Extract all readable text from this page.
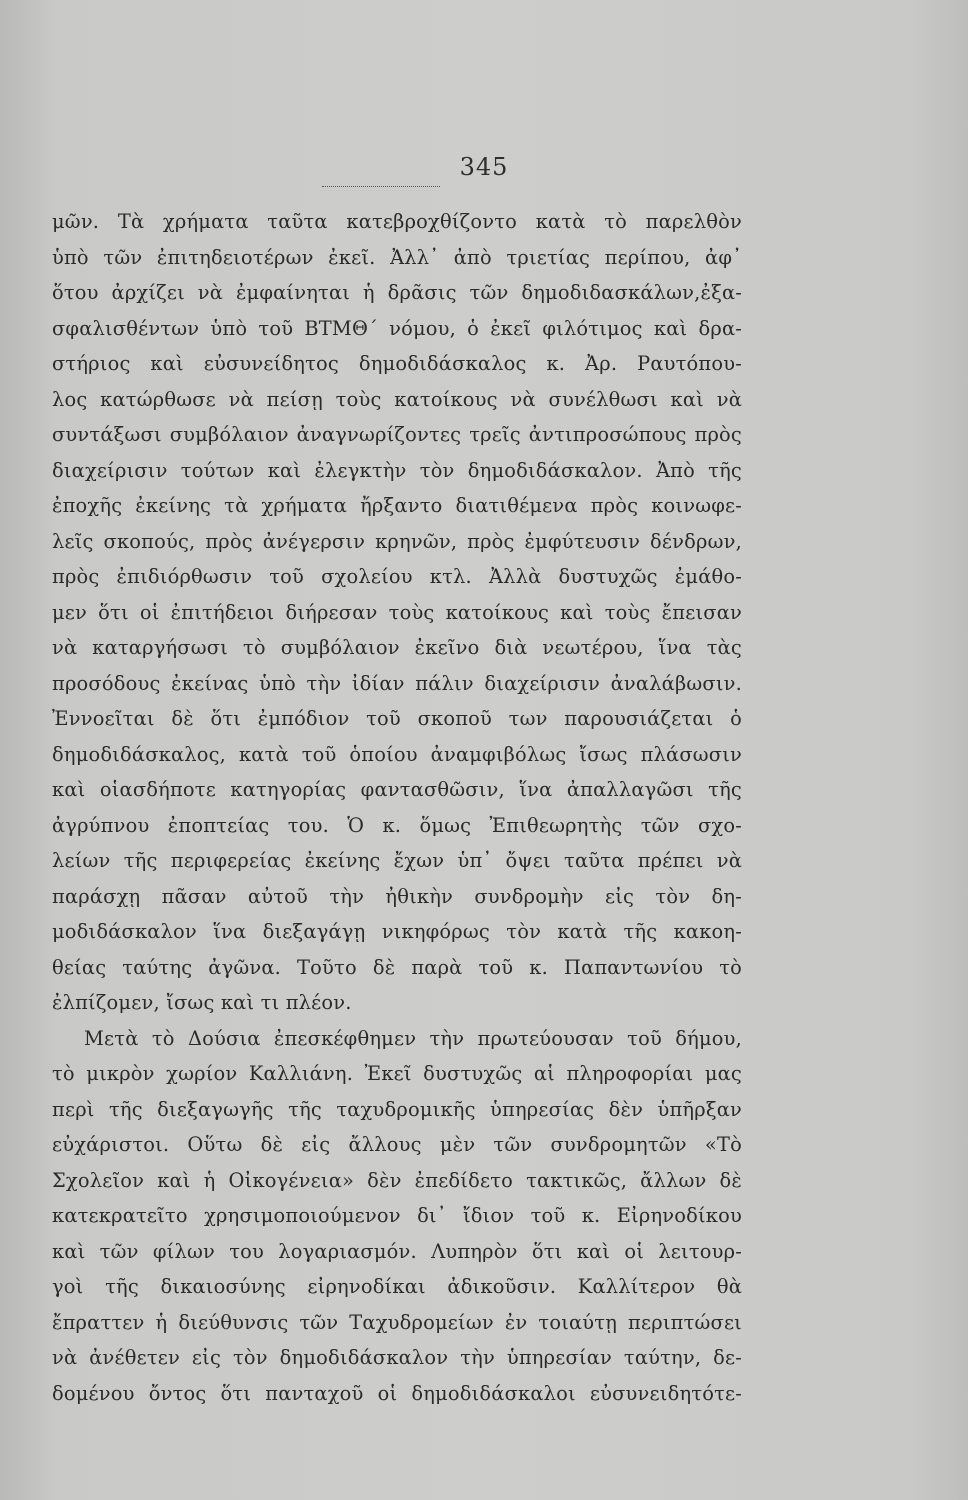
345
μῶν. Τὰ χρήματα ταῦτα κατεβροχθίζοντο κατὰ τὸ παρελθὸν
ὑπὸ τῶν ἐπιτηδειοτέρων ἐκεῖ. Ἀλλ᾽ ἀπὸ τριετίας περίπου, ἀφ᾽
ὅτου ἀρχίζει νὰ ἐμφαίνηται ἡ δρᾶσις τῶν δημοδιδασκάλων,ἐξα-
σφαλισθέντων ὑπὸ τοῦ ΒΤΜΘ΄ νόμου, ὁ ἐκεῖ φιλότιμος καὶ δρα-
στήριος καὶ εὐσυνείδητος δημοδιδάσκαλος κ. Ἀρ. Ραυτόπου-
λος κατώρθωσε νὰ πείσῃ τοὺς κατοίκους νὰ συνέλθωσι καὶ νὰ
συντάξωσι συμβόλαιον ἀναγνωρίζοντες τρεῖς ἀντιπροσώπους πρὸς
διαχείρισιν τούτων καὶ ἐλεγκτὴν τὸν δημοδιδάσκαλον. Ἀπὸ τῆς
ἐποχῆς ἐκείνης τὰ χρήματα ἤρξαντο διατιθέμενα πρὸς κοινωφε-
λεῖς σκοπούς, πρὸς ἀνέγερσιν κρηνῶν, πρὸς ἐμφύτευσιν δένδρων,
πρὸς ἐπιδιόρθωσιν τοῦ σχολείου κτλ. Ἀλλὰ δυστυχῶς ἐμάθο-
μεν ὅτι οἱ ἐπιτήδειοι διήρεσαν τοὺς κατοίκους καὶ τοὺς ἔπεισαν
νὰ καταργήσωσι τὸ συμβόλαιον ἐκεῖνο διὰ νεωτέρου, ἵνα τὰς
προσόδους ἐκείνας ὑπὸ τὴν ἰδίαν πάλιν διαχείρισιν ἀναλάβωσιν.
Ἐννοεῖται δὲ ὅτι ἐμπόδιον τοῦ σκοποῦ των παρουσιάζεται ὁ
δημοδιδάσκαλος, κατὰ τοῦ ὁποίου ἀναμφιβόλως ἴσως πλάσωσιν
καὶ οἱασδήποτε κατηγορίας φαντασθῶσιν, ἵνα ἀπαλλαγῶσι τῆς
ἀγρύπνου ἐποπτείας του. Ὁ κ. ὅμως Ἐπιθεωρητὴς τῶν σχο-
λείων τῆς περιφερείας ἐκείνης ἔχων ὑπ᾽ ὄψει ταῦτα πρέπει νὰ
παράσχῃ πᾶσαν αὐτοῦ τὴν ἠθικὴν συνδρομὴν εἰς τὸν δη-
μοδιδάσκαλον ἵνα διεξαγάγῃ νικηφόρως τὸν κατὰ τῆς κακοη-
θείας ταύτης ἀγῶνα. Τοῦτο δὲ παρὰ τοῦ κ. Παπαντωνίου τὸ
ἐλπίζομεν, ἴσως καὶ τι πλέον.
Μετὰ τὸ Δούσια ἐπεσκέφθημεν τὴν πρωτεύουσαν τοῦ δήμου,
τὸ μικρὸν χωρίον Καλλιάνη. Ἐκεῖ δυστυχῶς αἱ πληροφορίαι μας
περὶ τῆς διεξαγωγῆς τῆς ταχυδρομικῆς ὑπηρεσίας δὲν ὑπῆρξαν
εὐχάριστοι. Οὕτω δὲ εἰς ἄλλους μὲν τῶν συνδρομητῶν «Τὸ
Σχολεῖον καὶ ἡ Οἰκογένεια» δὲν ἐπεδίδετο τακτικῶς, ἄλλων δὲ
κατεκρατεῖτο χρησιμοποιούμενον δι᾽ ἴδιον τοῦ κ. Εἰρηνοδίκου
καὶ τῶν φίλων του λογαριασμόν. Λυπηρὸν ὅτι καὶ οἱ λειτουρ-
γοὶ τῆς δικαιοσύνης εἰρηνοδίκαι ἀδικοῦσιν. Καλλίτερον θὰ
ἔπραττεν ἡ διεύθυνσις τῶν Ταχυδρομείων ἐν τοιαύτῃ περιπτώσει
νὰ ἀνέθετεν εἰς τὸν δημοδιδάσκαλον τὴν ὑπηρεσίαν ταύτην, δε-
δομένου ὄντος ὅτι πανταχοῦ οἱ δημοδιδάσκαλοι εὐσυνειδητότε-
